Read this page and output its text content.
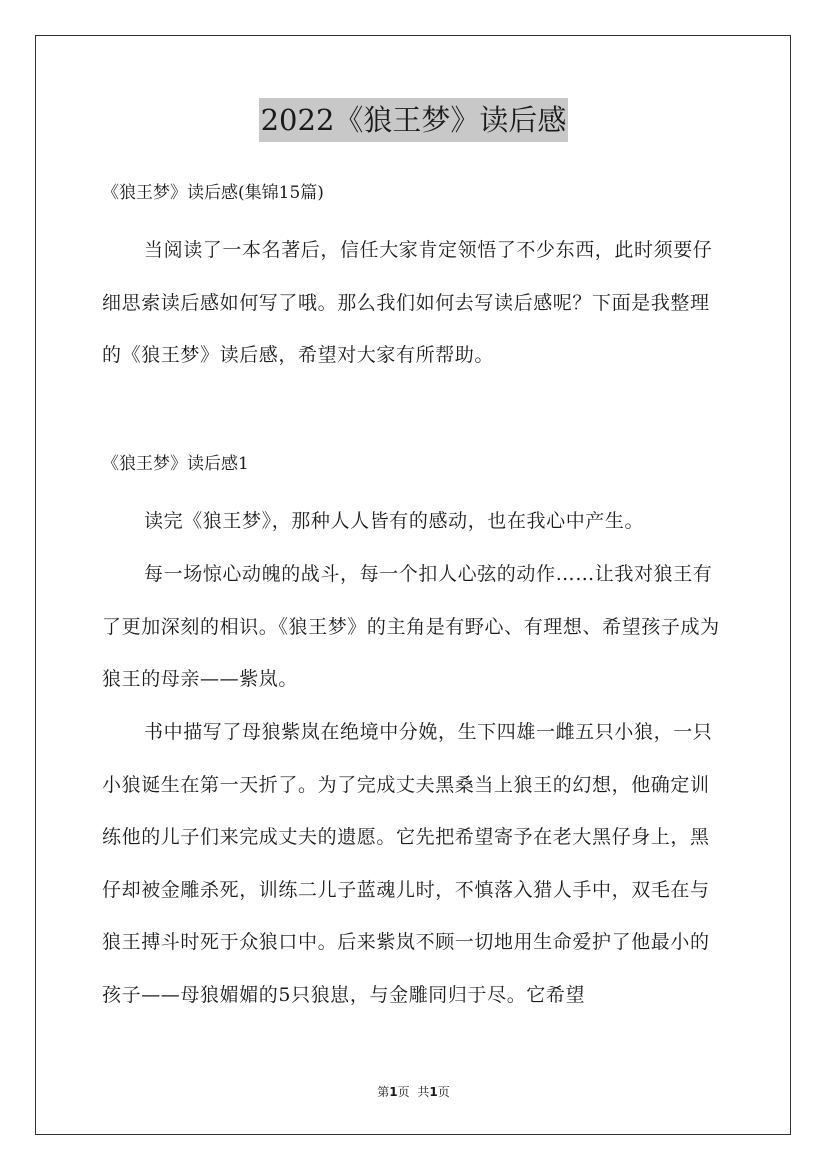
2022《狼王梦》读后感
《狼王梦》读后感(集锦15篇)

当阅读了一本名著后，信任大家肯定领悟了不少东西，此时须要仔细思索读后感如何写了哦。那么我们如何去写读后感呢？下面是我整理的《狼王梦》读后感，希望对大家有所帮助。

《狼王梦》读后感1

读完《狼王梦》，那种人人皆有的感动，也在我心中产生。

每一场惊心动魄的战斗，每一个扣人心弦的动作……让我对狼王有了更加深刻的相识。《狼王梦》的主角是有野心、有理想、希望孩子成为狼王的母亲——紫岚。

书中描写了母狼紫岚在绝境中分娩，生下四雄一雌五只小狼，一只小狼诞生在第一天折了。为了完成丈夫黑桑当上狼王的幻想，他确定训练他的儿子们来完成丈夫的遗愿。它先把希望寄予在老大黑仔身上，黑仔却被金雕杀死，训练二儿子蓝魂儿时，不慎落入猎人手中，双毛在与狼王搏斗时死于众狼口中。后来紫岚不顾一切地用生命爱护了他最小的孩子——母狼媚媚的5只狼崽，与金雕同归于尽。它希望

第1页 共1页
